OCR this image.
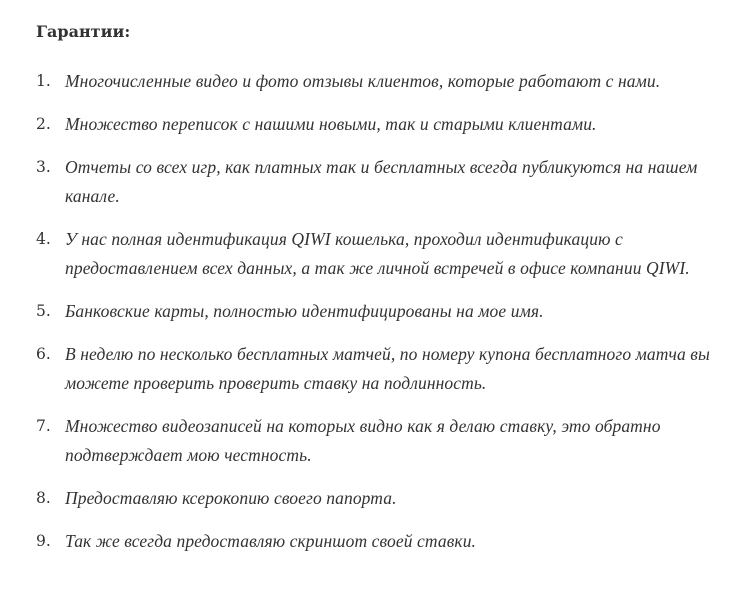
Гарантии:
1. Многочисленные видео и фото отзывы клиентов, которые работают с нами.
2. Множество переписок с нашими новыми, так и старыми клиентами.
3. Отчеты со всех игр, как платных так и бесплатных всегда публикуются на нашем канале.
4. У нас полная идентификация QIWI кошелька, проходил идентификацию с предоставлением всех данных, а так же личной встречей в офисе компании QIWI.
5. Банковские карты, полностью идентифицированы на мое имя.
6. В неделю по несколько бесплатных матчей, по номеру купона бесплатного матча вы можете проверить проверить ставку на подлинность.
7. Множество видеозаписей на которых видно как я делаю ставку, это обратно подтверждает мою честность.
8. Предоставляю ксерокопию своего папорта.
9. Так же всегда предоставляю скриншот своей ставки.
